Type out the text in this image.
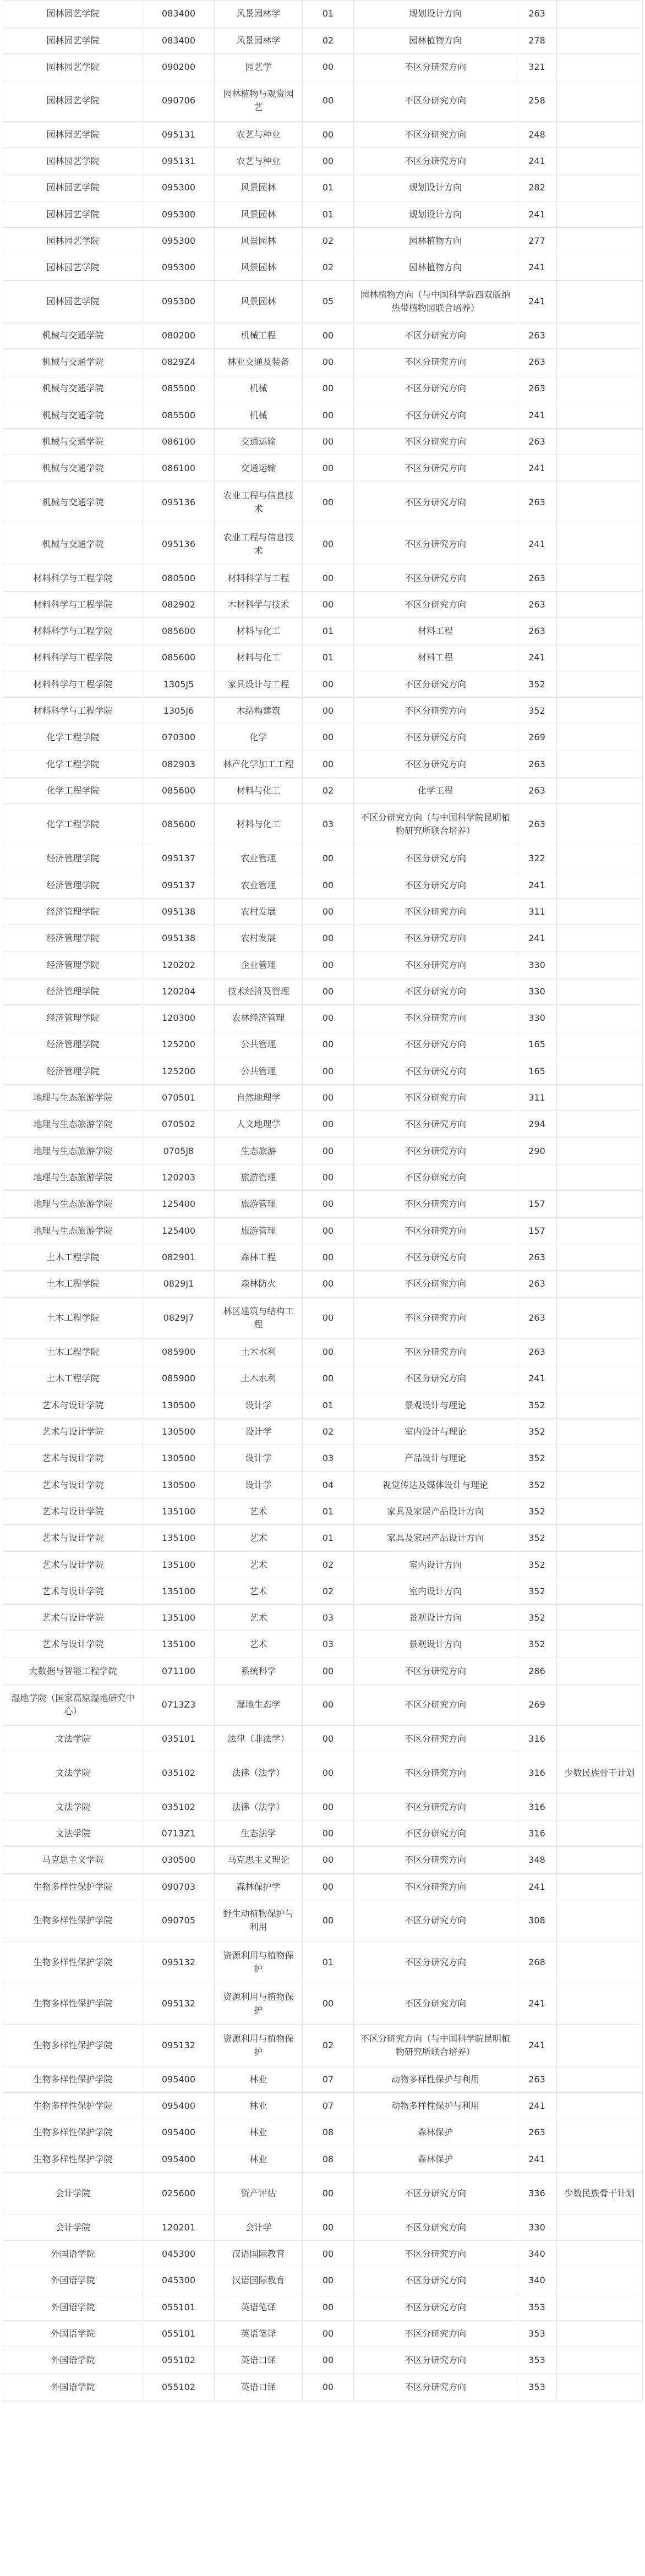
园林园艺学院	083400	风景园林学	01	规划设计方向	263	
园林园艺学院	083400	风景园林学	02	园林植物方向	278	
园林园艺学院	090200	园艺学	00	不区分研究方向	321	
园林园艺学院	090706	园林植物与观赏园艺	00	不区分研究方向	258	
园林园艺学院	095131	农艺与种业	00	不区分研究方向	248	
园林园艺学院	095131	农艺与种业	00	不区分研究方向	241	
园林园艺学院	095300	风景园林	01	规划设计方向	282	
园林园艺学院	095300	风景园林	01	规划设计方向	241	
园林园艺学院	095300	风景园林	02	园林植物方向	277	
园林园艺学院	095300	风景园林	02	园林植物方向	241	
园林园艺学院	095300	风景园林	05	园林植物方向（与中国科学院西双版纳热带植物园联合培养）	241	
机械与交通学院	080200	机械工程	00	不区分研究方向	263	
机械与交通学院	0829Z4	林业交通及装备	00	不区分研究方向	263	
机械与交通学院	085500	机械	00	不区分研究方向	263	
机械与交通学院	085500	机械	00	不区分研究方向	241	
机械与交通学院	086100	交通运输	00	不区分研究方向	263	
机械与交通学院	086100	交通运输	00	不区分研究方向	241	
机械与交通学院	095136	农业工程与信息技术	00	不区分研究方向	263	
机械与交通学院	095136	农业工程与信息技术	00	不区分研究方向	241	
材料科学与工程学院	080500	材料科学与工程	00	不区分研究方向	263	
材料科学与工程学院	082902	木材科学与技术	00	不区分研究方向	263	
材料科学与工程学院	085600	材料与化工	01	材料工程	263	
材料科学与工程学院	085600	材料与化工	01	材料工程	241	
材料科学与工程学院	1305J5	家具设计与工程	00	不区分研究方向	352	
材料科学与工程学院	1305J6	木结构建筑	00	不区分研究方向	352	
化学工程学院	070300	化学	00	不区分研究方向	269	
化学工程学院	082903	林产化学加工工程	00	不区分研究方向	263	
化学工程学院	085600	材料与化工	02	化学工程	263	
化学工程学院	085600	材料与化工	03	不区分研究方向（与中国科学院昆明植物研究所联合培养）	263	
经济管理学院	095137	农业管理	00	不区分研究方向	322	
经济管理学院	095137	农业管理	00	不区分研究方向	241	
经济管理学院	095138	农村发展	00	不区分研究方向	311	
经济管理学院	095138	农村发展	00	不区分研究方向	241	
经济管理学院	120202	企业管理	00	不区分研究方向	330	
经济管理学院	120204	技术经济及管理	00	不区分研究方向	330	
经济管理学院	120300	农林经济管理	00	不区分研究方向	330	
经济管理学院	125200	公共管理	00	不区分研究方向	165	
经济管理学院	125200	公共管理	00	不区分研究方向	165	
地理与生态旅游学院	070501	自然地理学	00	不区分研究方向	311	
地理与生态旅游学院	070502	人文地理学	00	不区分研究方向	294	
地理与生态旅游学院	0705J8	生态旅游	00	不区分研究方向	290	
地理与生态旅游学院	120203	旅游管理	00	不区分研究方向		
地理与生态旅游学院	125400	旅游管理	00	不区分研究方向	157	
地理与生态旅游学院	125400	旅游管理	00	不区分研究方向	157	
土木工程学院	082901	森林工程	00	不区分研究方向	263	
土木工程学院	0829J1	森林防火	00	不区分研究方向	263	
土木工程学院	0829J7	林区建筑与结构工程	00	不区分研究方向	263	
土木工程学院	085900	土木水利	00	不区分研究方向	263	
土木工程学院	085900	土木水利	00	不区分研究方向	241	
艺术与设计学院	130500	设计学	01	景观设计与理论	352	
艺术与设计学院	130500	设计学	02	室内设计与理论	352	
艺术与设计学院	130500	设计学	03	产品设计与理论	352	
艺术与设计学院	130500	设计学	04	视觉传达及媒体设计与理论	352	
艺术与设计学院	135100	艺术	01	家具及家居产品设计方向	352	
艺术与设计学院	135100	艺术	01	家具及家居产品设计方向	352	
艺术与设计学院	135100	艺术	02	室内设计方向	352	
艺术与设计学院	135100	艺术	02	室内设计方向	352	
艺术与设计学院	135100	艺术	03	景观设计方向	352	
艺术与设计学院	135100	艺术	03	景观设计方向	352	
大数据与智能工程学院	071100	系统科学	00	不区分研究方向	286	
湿地学院（国家高原湿地研究中心）	0713Z3	湿地生态学	00	不区分研究方向	269	
文法学院	035101	法律（非法学）	00	不区分研究方向	316	
文法学院	035102	法律（法学）	00	不区分研究方向	316	少数民族骨干计划
文法学院	035102	法律（法学）	00	不区分研究方向	316	
文法学院	0713Z1	生态法学	00	不区分研究方向	316	
马克思主义学院	030500	马克思主义理论	00	不区分研究方向	348	
生物多样性保护学院	090703	森林保护学	00	不区分研究方向	241	
生物多样性保护学院	090705	野生动植物保护与利用	00	不区分研究方向	308	
生物多样性保护学院	095132	资源利用与植物保护	01	不区分研究方向	268	
生物多样性保护学院	095132	资源利用与植物保护	00	不区分研究方向	241	
生物多样性保护学院	095132	资源利用与植物保护	02	不区分研究方向（与中国科学院昆明植物研究所联合培养）	241	
生物多样性保护学院	095400	林业	07	动物多样性保护与利用	263	
生物多样性保护学院	095400	林业	07	动物多样性保护与利用	241	
生物多样性保护学院	095400	林业	08	森林保护	263	
生物多样性保护学院	095400	林业	08	森林保护	241	
会计学院	025600	资产评估	00	不区分研究方向	336	少数民族骨干计划
会计学院	120201	会计学	00	不区分研究方向	330	
外国语学院	045300	汉语国际教育	00	不区分研究方向	340	
外国语学院	045300	汉语国际教育	00	不区分研究方向	340	
外国语学院	055101	英语笔译	00	不区分研究方向	353	
外国语学院	055101	英语笔译	00	不区分研究方向	353	
外国语学院	055102	英语口译	00	不区分研究方向	353	
外国语学院	055102	英语口译	00	不区分研究方向	353	
